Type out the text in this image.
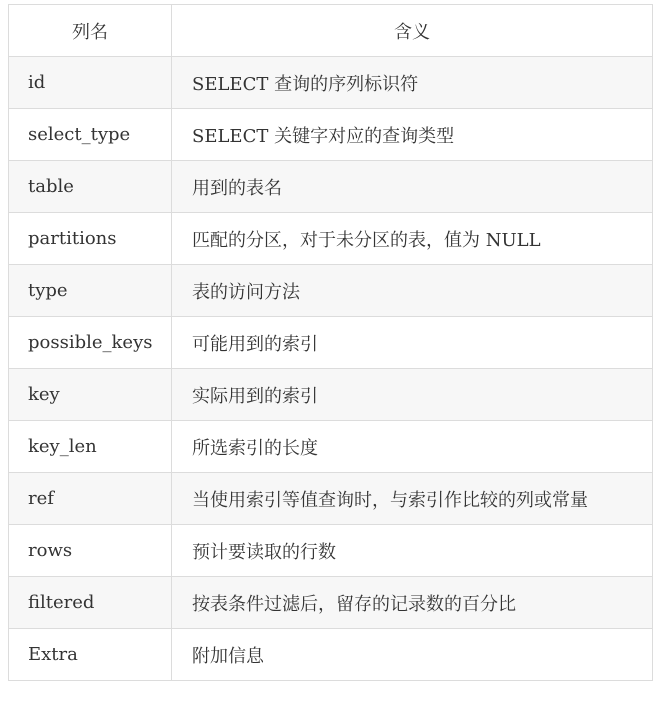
列名	含义
id	SELECT 查询的序列标识符
select_type	SELECT 关键字对应的查询类型
table	用到的表名
partitions	匹配的分区，对于未分区的表，值为 NULL
type	表的访问方法
possible_keys	可能用到的索引
key	实际用到的索引
key_len	所选索引的长度
ref	当使用索引等值查询时，与索引作比较的列或常量
rows	预计要读取的行数
filtered	按表条件过滤后，留存的记录数的百分比
Extra	附加信息
